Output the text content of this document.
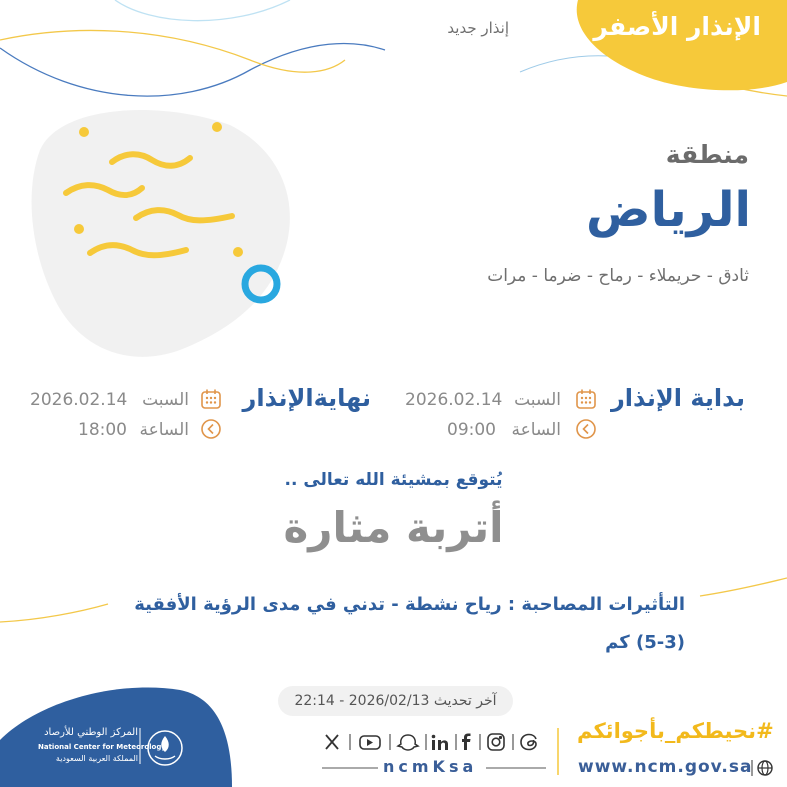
الإنذار الأصفر
إنذار جديد
منطقة
الرياض
ثادق - حريملاء - رماح - ضرما - مرات
بداية الإنذار
السبت
2026.02.14
الساعة
09:00
نهايةالإنذار
السبت
2026.02.14
الساعة
18:00
يُتوقع بمشيئة الله تعالى ..
أتربة مثارة
التأثيرات المصاحبة : رياح نشطة - تدني في مدى الرؤية الأفقية (3-5) كم
آخر تحديث 2026/02/13 - 22:14
المركز الوطني للأرصاد
National Center for Meteorology
المملكة العربية السعودية	ncmKsa
#نحيطكم_بأجوائكم
www.ncm.gov.sa
